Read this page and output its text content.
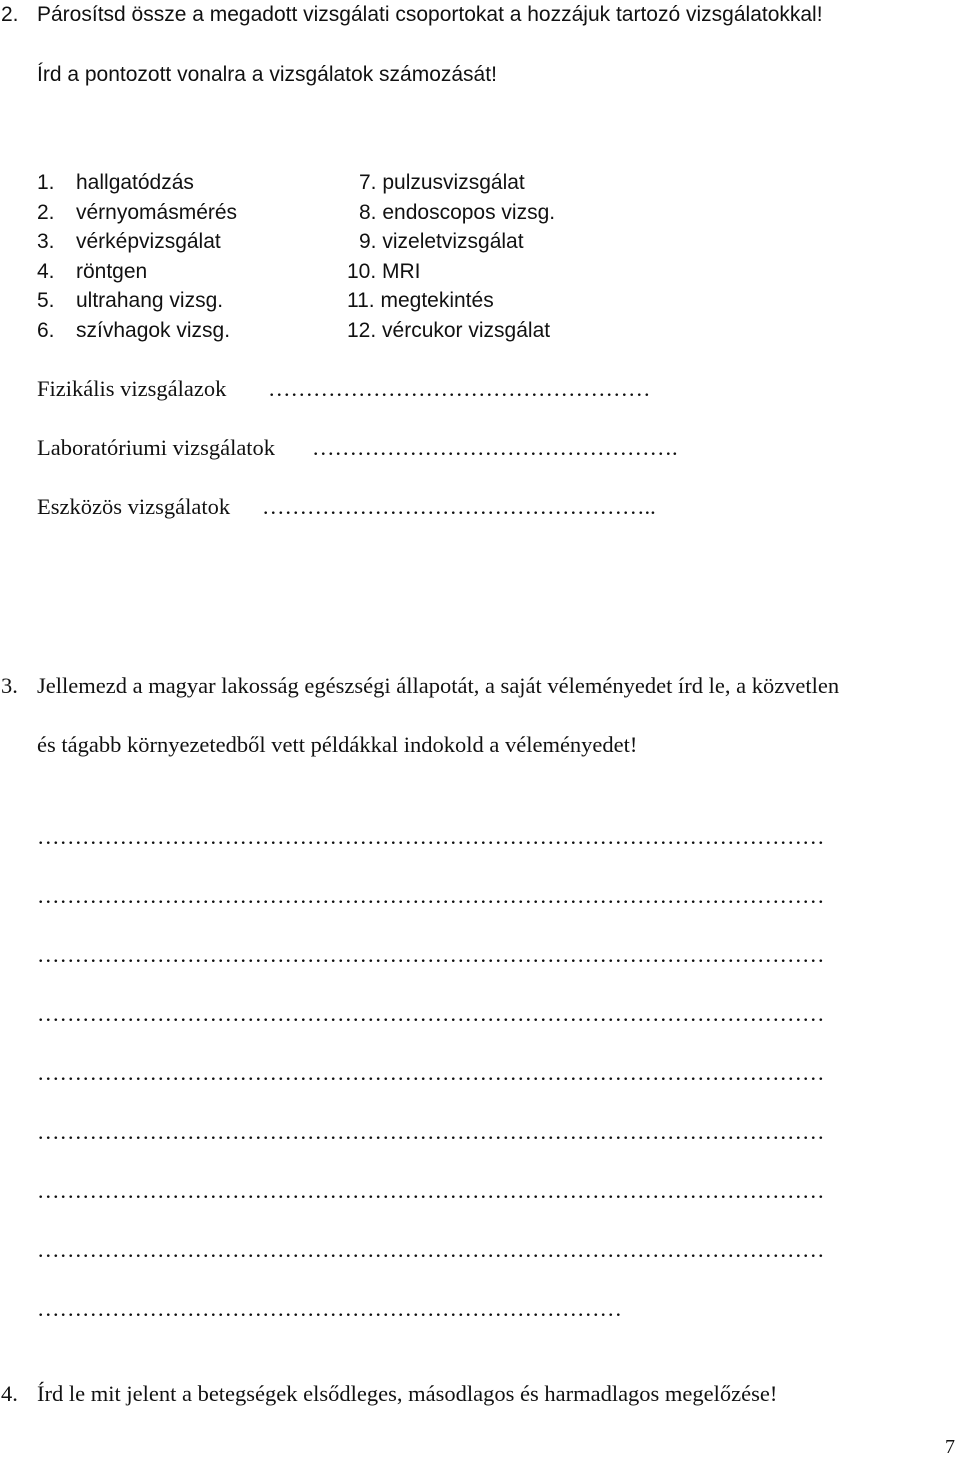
2. Párosítsd össze a megadott vizsgálati csoportokat a hozzájuk tartozó vizsgálatokkal!
Írd a pontozott vonalra a vizsgálatok számozását!
1. hallgatódzás
2. vérnyomásmérés
3. vérképvizsgálat
4. röntgen
5. ultrahang vizsg.
6. szívhagok vizsg.
7. pulzusvizsgálat
8. endoscopos vizsg.
9. vizeletvizsgálat
10. MRI
11. megtekintés
12. vércukor vizsgálat
Fizikális vizsgálazok ……………………………………………
Laboratóriumi vizsgálatok ………………………………………….
Eszközös vizsgálatok ……………………………………………..
3. Jellemezd a magyar lakosság egészségi állapotát, a saját véleményedet írd le, a közvetlen
és tágabb környezetedből vett példákkal indokold a véleményedet!
……………………………………………………………………………………………
……………………………………………………………………………………………
……………………………………………………………………………………………
……………………………………………………………………………………………
……………………………………………………………………………………………
……………………………………………………………………………………………
……………………………………………………………………………………………
……………………………………………………………………………………………
……………………………………………………………………
4. Írd le mit jelent a betegségek elsődleges, másodlagos és harmadlagos megelőzése!
7
